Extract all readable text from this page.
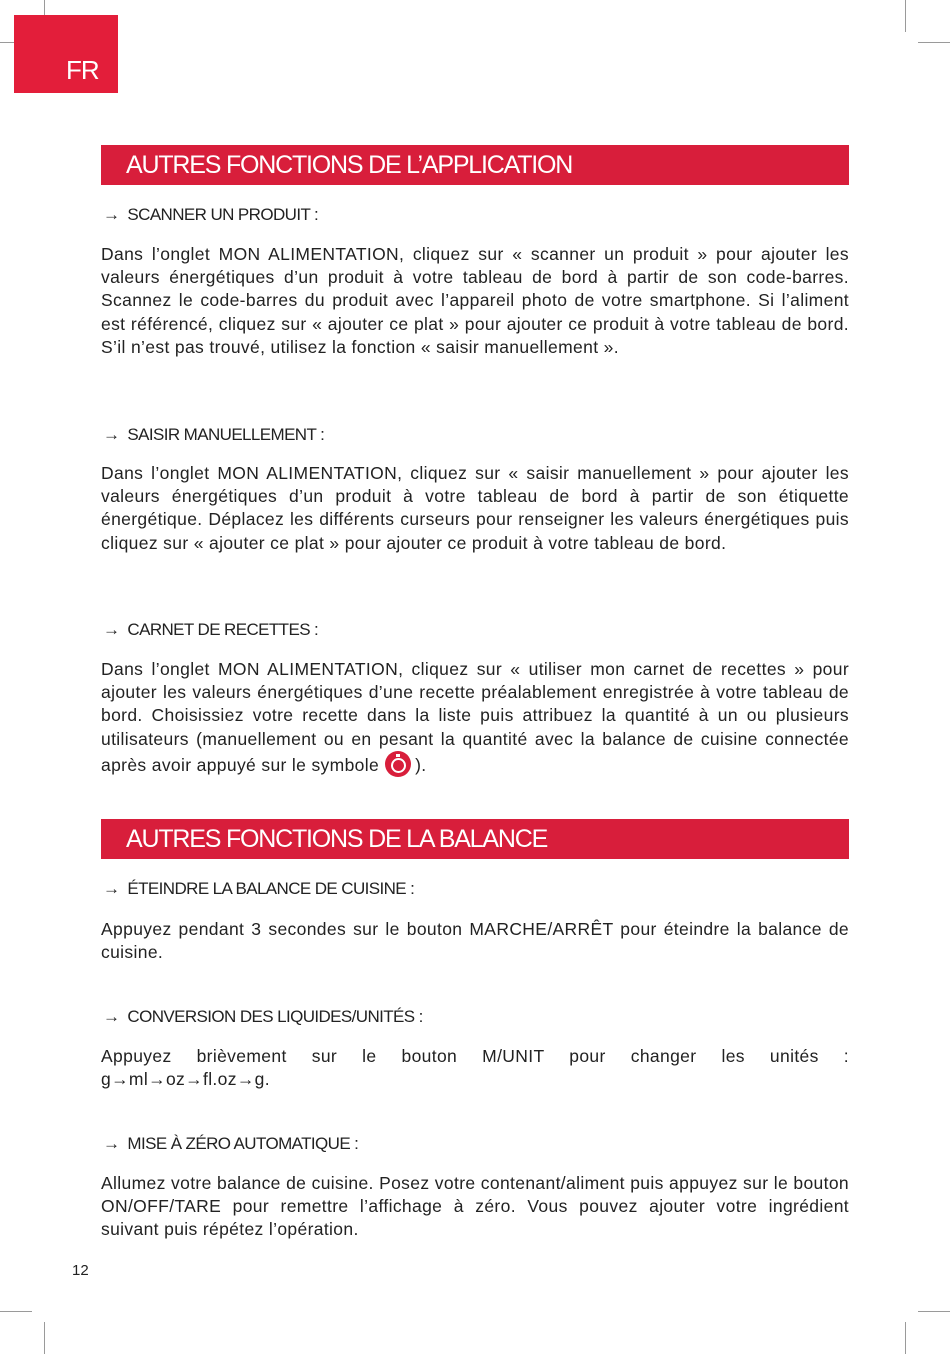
FR
AUTRES FONCTIONS DE L’APPLICATION
→ SCANNER UN PRODUIT :
Dans l’onglet MON ALIMENTATION, cliquez sur « scanner un produit » pour ajouter les valeurs énergétiques d’un produit à votre tableau de bord à partir de son code-barres. Scannez le code-barres du produit avec l’appareil photo de votre smartphone. Si l’aliment est référencé, cliquez sur « ajouter ce plat » pour ajouter ce produit à votre tableau de bord. S’il n’est pas trouvé, utilisez la fonction « saisir manuellement ».
→ SAISIR MANUELLEMENT :
Dans l’onglet MON ALIMENTATION, cliquez sur « saisir manuellement » pour ajouter les valeurs énergétiques d’un produit à votre tableau de bord à partir de son étiquette énergétique. Déplacez les différents curseurs pour renseigner les valeurs énergétiques puis cliquez sur « ajouter ce plat » pour ajouter ce produit à votre tableau de bord.
→ CARNET DE RECETTES :
Dans l’onglet MON ALIMENTATION, cliquez sur « utiliser mon carnet de recettes » pour ajouter les valeurs énergétiques d’une recette préalablement enregistrée à votre tableau de bord. Choisissiez votre recette dans la liste puis attribuez la quantité à un ou plusieurs utilisateurs (manuellement ou en pesant la quantité avec la balance de cuisine connectée après avoir appuyé sur le symbole ).
AUTRES FONCTIONS DE LA BALANCE
→ ÉTEINDRE LA BALANCE DE CUISINE :
Appuyez pendant 3 secondes sur le bouton MARCHE/ARRÊT pour éteindre la balance de cuisine.
→ CONVERSION DES LIQUIDES/UNITÉS :
Appuyez brièvement sur le bouton M/UNIT pour changer les unités :
g→ml→oz→fl.oz→g.
→ MISE À ZÉRO AUTOMATIQUE :
Allumez votre balance de cuisine. Posez votre contenant/aliment puis appuyez sur le bouton ON/OFF/TARE pour remettre l’affichage à zéro. Vous pouvez ajouter votre ingrédient suivant puis répétez l’opération.
12
